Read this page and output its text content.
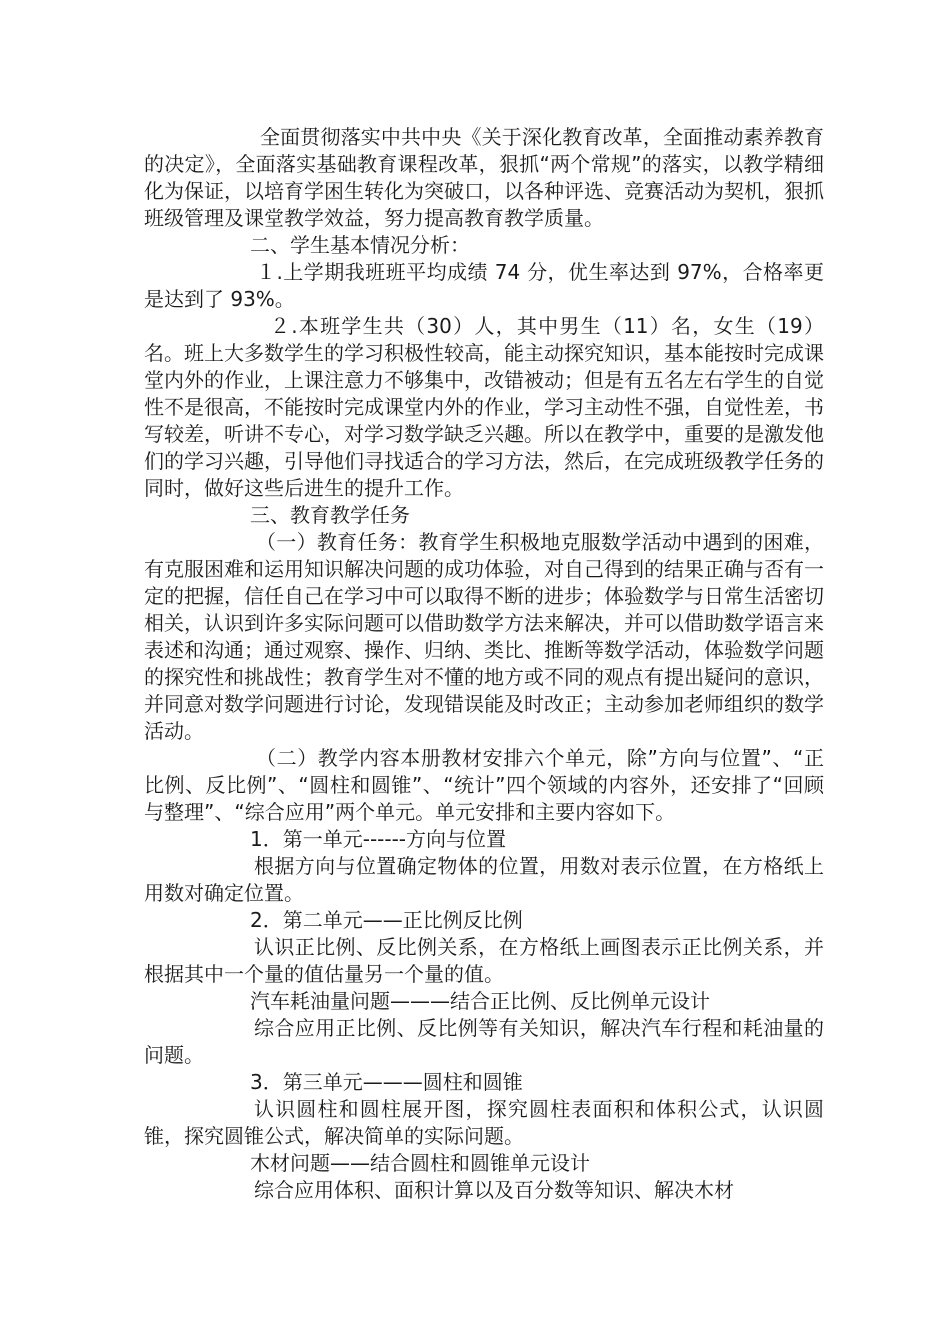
全面贯彻落实中共中央《关于深化教育改革，全面推动素养教育的决定》，全面落实基础教育课程改革，狠抓“两个常规”的落实，以教学精细化为保证，以培育学困生转化为突破口，以各种评选、竞赛活动为契机，狠抓班级管理及课堂教学效益，努力提高教育教学质量。

二、学生基本情况分析：

１.上学期我班班平均成绩 74 分，优生率达到 97%，合格率更是达到了 93%。

２.本班学生共（30）人，其中男生（11）名，女生（19）名。班上大多数学生的学习积极性较高，能主动探究知识，基本能按时完成课堂内外的作业，上课注意力不够集中，改错被动；但是有五名左右学生的自觉性不是很高，不能按时完成课堂内外的作业，学习主动性不强，自觉性差，书写较差，听讲不专心，对学习数学缺乏兴趣。所以在教学中，重要的是激发他们的学习兴趣，引导他们寻找适合的学习方法，然后，在完成班级教学任务的同时，做好这些后进生的提升工作。

三、教育教学任务

（一）教育任务：教育学生积极地克服数学活动中遇到的困难，有克服困难和运用知识解决问题的成功体验，对自己得到的结果正确与否有一定的把握，信任自己在学习中可以取得不断的进步；体验数学与日常生活密切相关，认识到许多实际问题可以借助数学方法来解决，并可以借助数学语言来表述和沟通；通过观察、操作、归纳、类比、推断等数学活动，体验数学问题的探究性和挑战性；教育学生对不懂的地方或不同的观点有提出疑问的意识，并同意对数学问题进行讨论，发现错误能及时改正；主动参加老师组织的数学活动。

（二）教学内容本册教材安排六个单元，除”方向与位置”、“正比例、反比例”、“圆柱和圆锥”、“统计”四个领域的内容外，还安排了“回顾与整理”、“综合应用”两个单元。单元安排和主要内容如下。

1．第一单元------方向与位置

根据方向与位置确定物体的位置，用数对表示位置，在方格纸上用数对确定位置。

2．第二单元——正比例反比例

认识正比例、反比例关系，在方格纸上画图表示正比例关系，并根据其中一个量的值估量另一个量的值。

汽车耗油量问题———结合正比例、反比例单元设计

综合应用正比例、反比例等有关知识，解决汽车行程和耗油量的问题。

3．第三单元———圆柱和圆锥

认识圆柱和圆柱展开图，探究圆柱表面积和体积公式，认识圆锥，探究圆锥公式，解决简单的实际问题。

木材问题——结合圆柱和圆锥单元设计

综合应用体积、面积计算以及百分数等知识、解决木材
